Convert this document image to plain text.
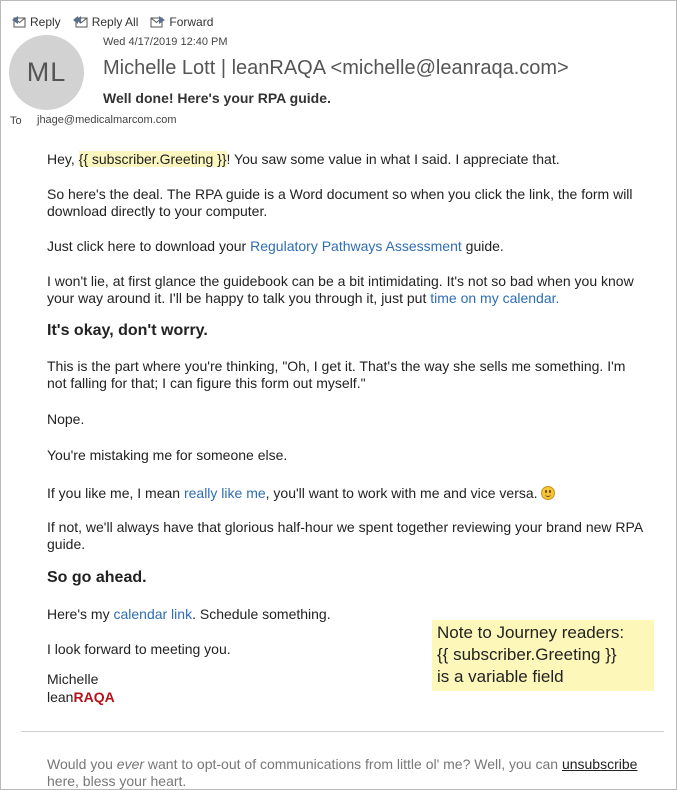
Reply	Reply All	Forward
ML
Wed 4/17/2019 12:40 PM
Michelle Lott | leanRAQA <michelle@leanraqa.com>
Well done! Here's your RPA guide.
To jhage@medicalmarcom.com

Hey, {{ subscriber.Greeting }}! You saw some value in what I said. I appreciate that.

So here's the deal. The RPA guide is a Word document so when you click the link, the form will download directly to your computer.

Just click here to download your Regulatory Pathways Assessment guide.

I won't lie, at first glance the guidebook can be a bit intimidating. It's not so bad when you know your way around it. I'll be happy to talk you through it, just put time on my calendar.

It's okay, don't worry.

This is the part where you're thinking, "Oh, I get it. That's the way she sells me something. I'm not falling for that; I can figure this form out myself."

Nope.

You're mistaking me for someone else.

If you like me, I mean really like me, you'll want to work with me and vice versa.

If not, we'll always have that glorious half-hour we spent together reviewing your brand new RPA guide.

So go ahead.

Here's my calendar link. Schedule something.

I look forward to meeting you.

Michelle

leanRAQA

Note to Journey readers:
{{ subscriber.Greeting }}
is a variable field
Would you ever want to opt-out of communications from little ol' me? Well, you can unsubscribe here, bless your heart.
